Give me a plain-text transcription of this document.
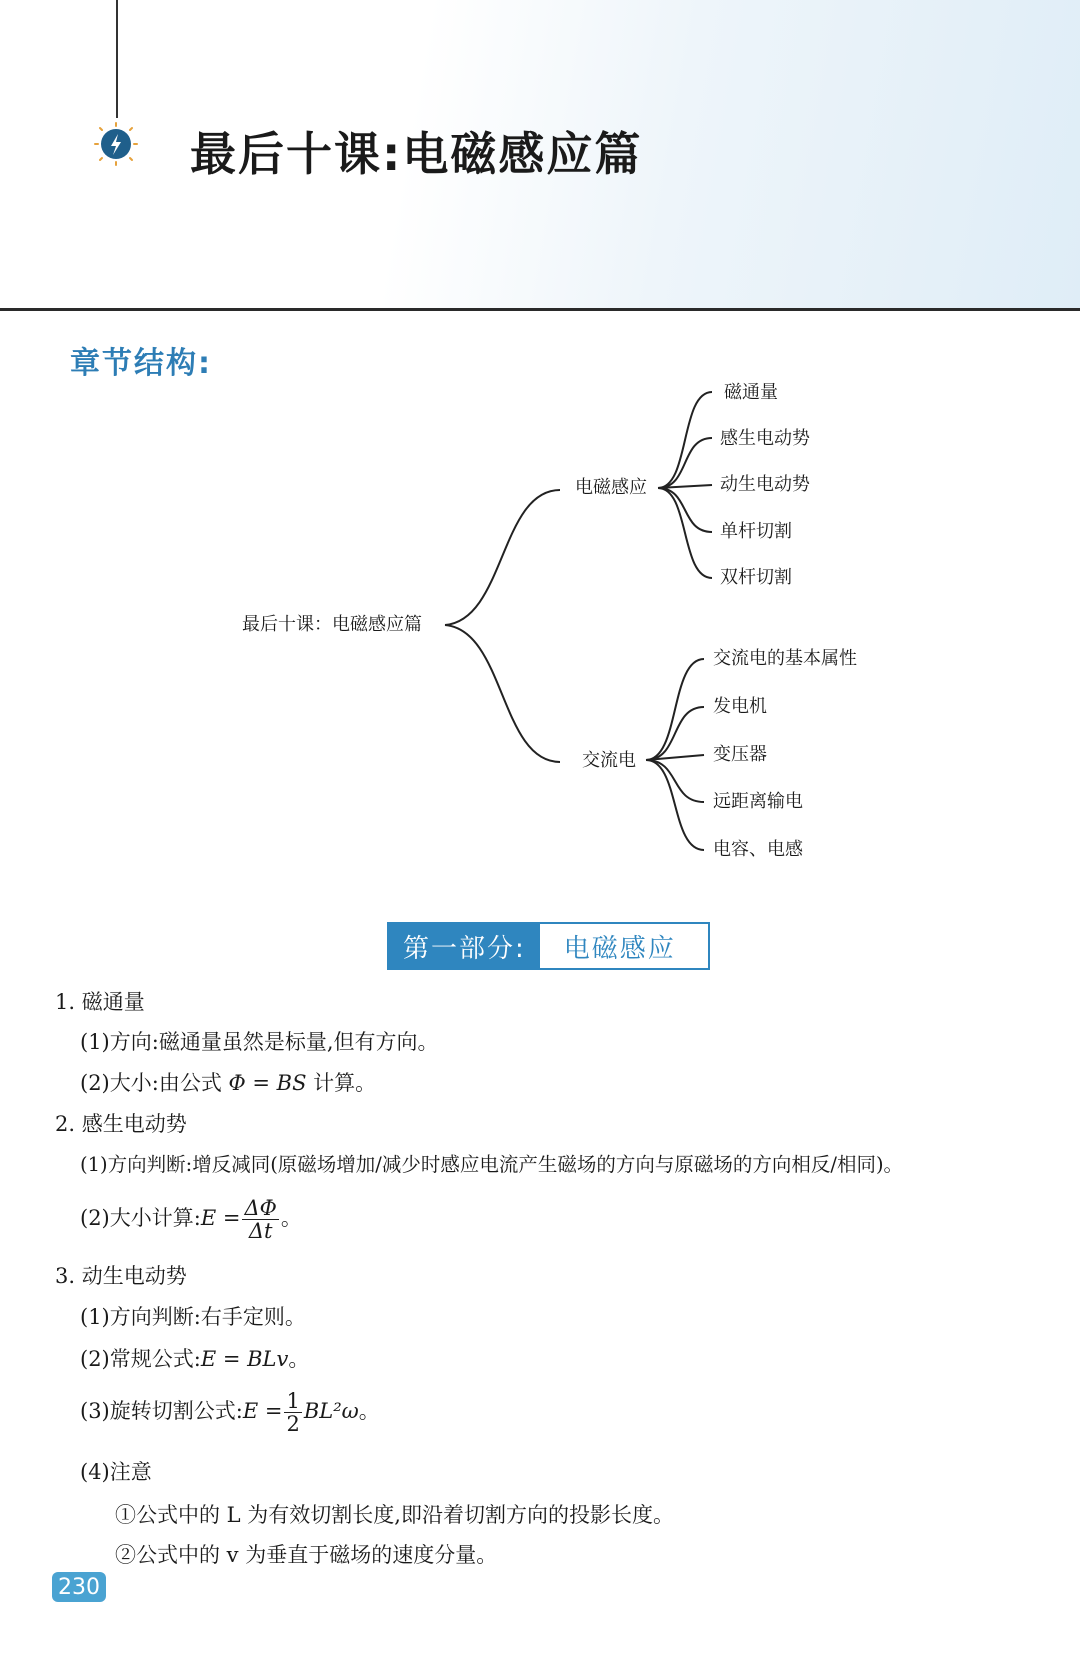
最后十课:电磁感应篇
章节结构:
最后十课：电磁感应篇
电磁感应
磁通量
感生电动势
动生电动势
单杆切割
双杆切割
交流电
交流电的基本属性
发电机
变压器
远距离输电
电容、电感
第一部分:	电磁感应
1. 磁通量
(1)方向:磁通量虽然是标量,但有方向。
(2)大小:由公式 Φ = BS 计算。
2. 感生电动势
(1)方向判断:增反减同(原磁场增加/减少时感应电流产生磁场的方向与原磁场的方向相反/相同)。
(2)大小计算:E = $\frac{\Delta\Phi}{\Delta t}$ 。
3. 动生电动势
(1)方向判断:右手定则。
(2)常规公式:E = BLv。
(3)旋转切割公式:E = $\frac{1}{2} BL^2\omega$。
(4)注意
①公式中的 L 为有效切割长度,即沿着切割方向的投影长度。
②公式中的 v 为垂直于磁场的速度分量。
230
